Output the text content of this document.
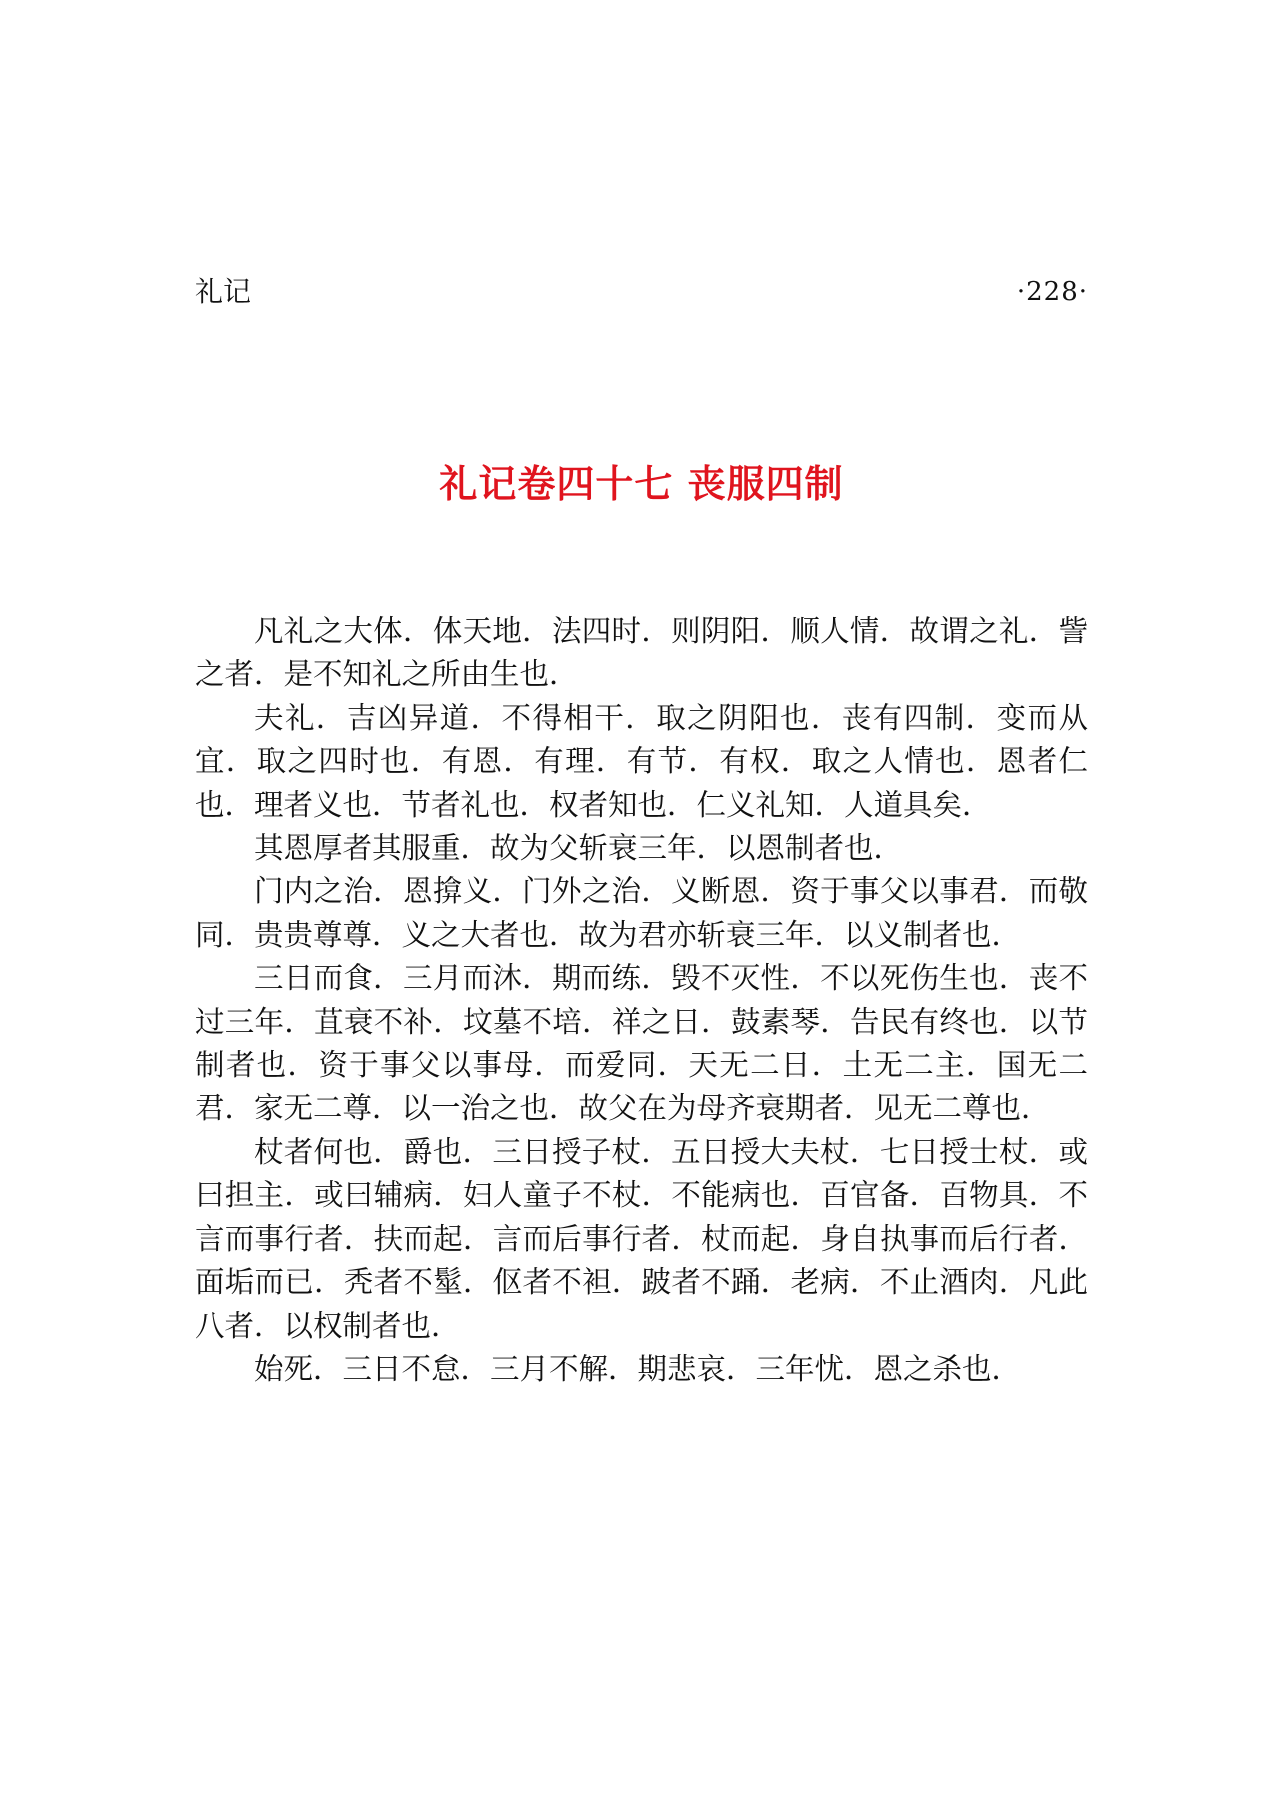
礼记	·228·
礼记卷四十七 丧服四制

凡礼之大体．体天地．法四时．则阴阳．顺人情．故谓之礼．訾之者．是不知礼之所由生也．

夫礼．吉凶异道．不得相干．取之阴阳也．丧有四制．变而从宜．取之四时也．有恩．有理．有节．有权．取之人情也．恩者仁也．理者义也．节者礼也．权者知也．仁义礼知．人道具矣．

其恩厚者其服重．故为父斩衰三年．以恩制者也．

门内之治．恩揜义．门外之治．义断恩．资于事父以事君．而敬同．贵贵尊尊．义之大者也．故为君亦斩衰三年．以义制者也．

三日而食．三月而沐．期而练．毁不灭性．不以死伤生也．丧不过三年．苴衰不补．坟墓不培．祥之日．鼓素琴．告民有终也．以节制者也．资于事父以事母．而爱同．天无二日．土无二主．国无二君．家无二尊．以一治之也．故父在为母齐衰期者．见无二尊也．

杖者何也．爵也．三日授子杖．五日授大夫杖．七日授士杖．或曰担主．或曰辅病．妇人童子不杖．不能病也．百官备．百物具．不言而事行者．扶而起．言而后事行者．杖而起．身自执事而后行者．面垢而已．秃者不髽．伛者不袒．跛者不踊．老病．不止酒肉．凡此八者．以权制者也．

始死．三日不怠．三月不解．期悲哀．三年忧．恩之杀也．
